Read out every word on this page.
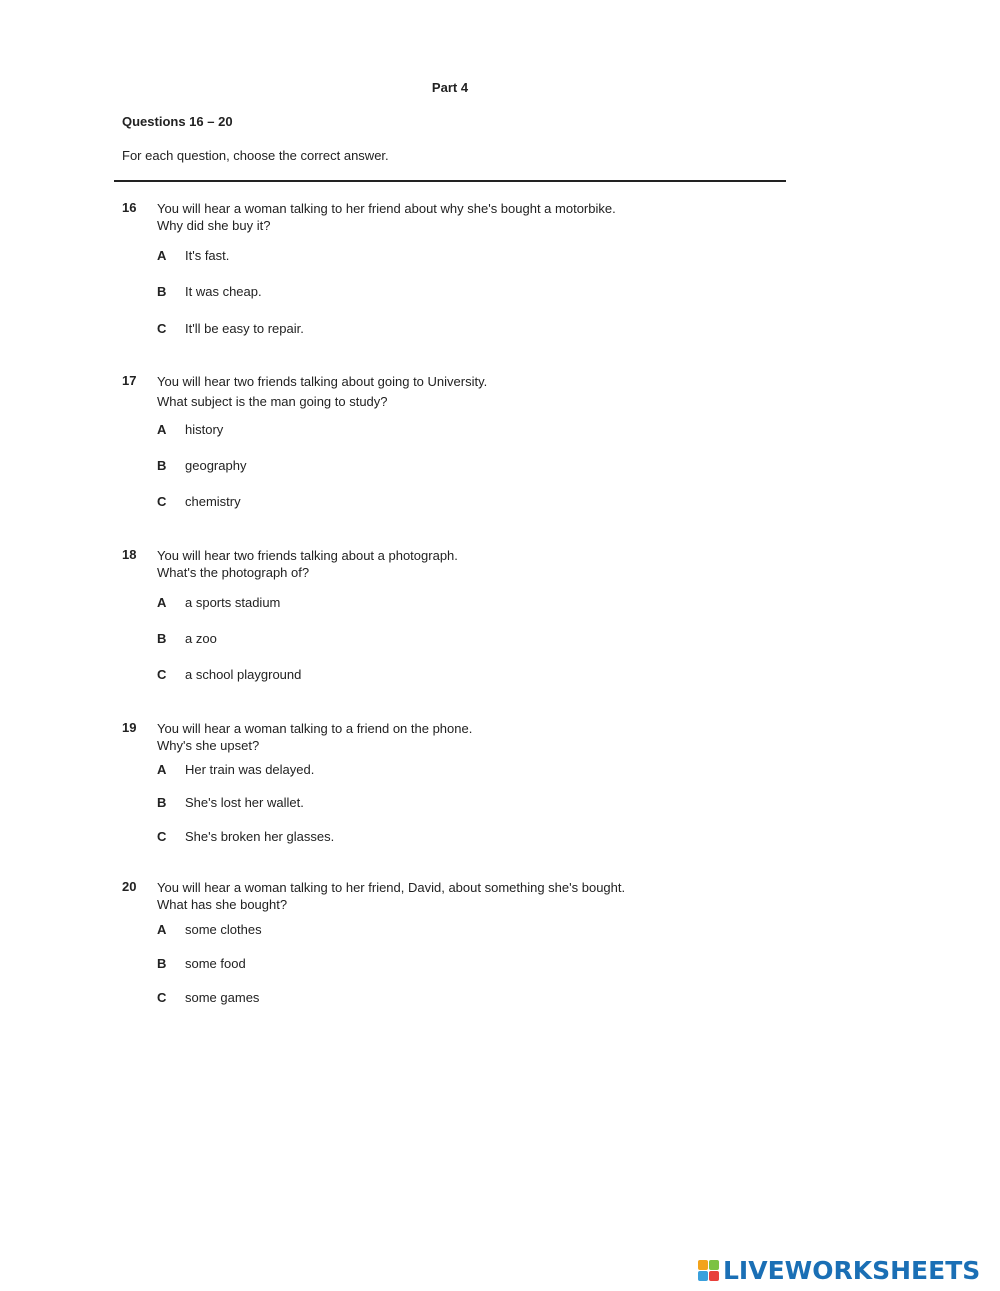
Part 4
Questions 16 – 20
For each question, choose the correct answer.
16 You will hear a woman talking to her friend about why she's bought a motorbike.
Why did she buy it?
A It's fast.
B It was cheap.
C It'll be easy to repair.
17 You will hear two friends talking about going to University.
What subject is the man going to study?
A history
B geography
C chemistry
18 You will hear two friends talking about a photograph.
What's the photograph of?
A a sports stadium
B a zoo
C a school playground
19 You will hear a woman talking to a friend on the phone.
Why's she upset?
A Her train was delayed.
B She's lost her wallet.
C She's broken her glasses.
20 You will hear a woman talking to her friend, David, about something she's bought.
What has she bought?
A some clothes
B some food
C some games
LIVEWORKSHEETS
